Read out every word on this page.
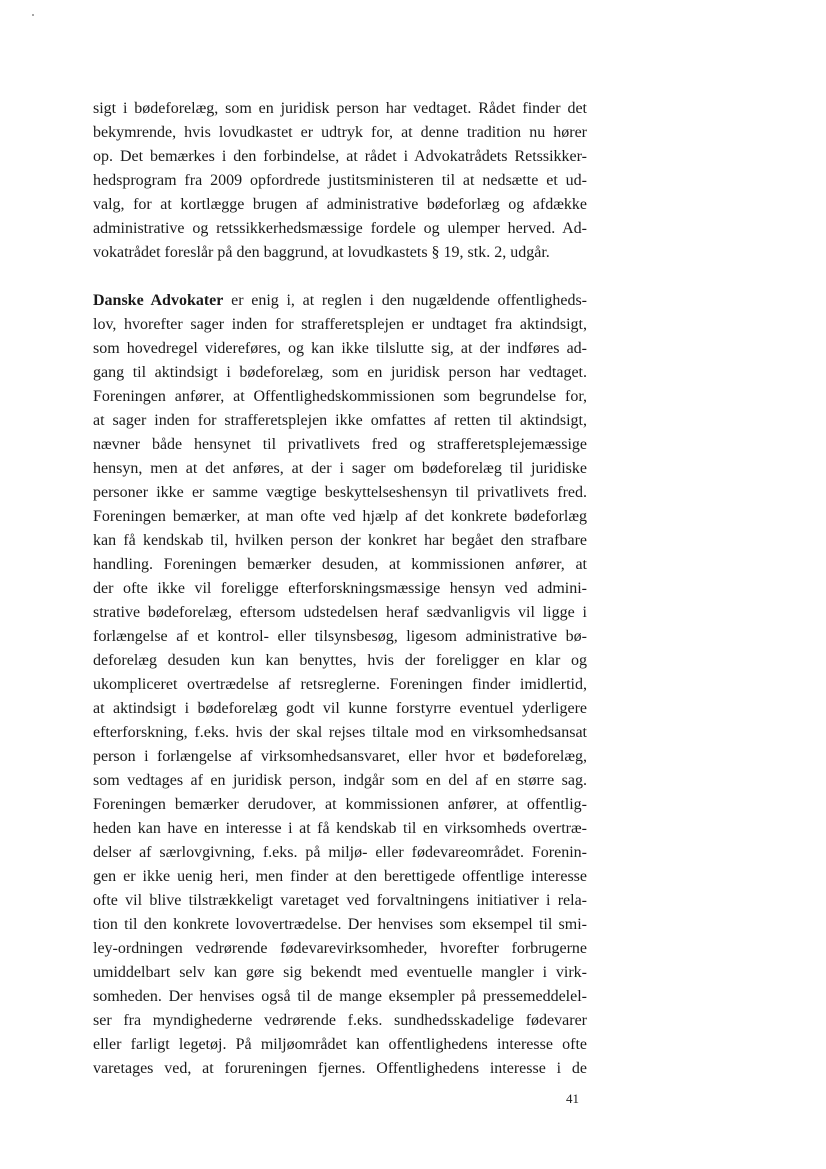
sigt i bødeforelæg, som en juridisk person har vedtaget. Rådet finder det
bekymrende, hvis lovudkastet er udtryk for, at denne tradition nu hører
op. Det bemærkes i den forbindelse, at rådet i Advokatrådets Retssikker-
hedsprogram fra 2009 opfordrede justitsministeren til at nedsætte et ud-
valg, for at kortlægge brugen af administrative bødeforlæg og afdække
administrative og retssikkerhedsmæssige fordele og ulemper herved. Ad-
vokatrådet foreslår på den baggrund, at lovudkastets § 19, stk. 2, udgår.
Danske Advokater er enig i, at reglen i den nugældende offentligheds-
lov, hvorefter sager inden for strafferetsplejen er undtaget fra aktindsigt,
som hovedregel videreføres, og kan ikke tilslutte sig, at der indføres ad-
gang til aktindsigt i bødeforelæg, som en juridisk person har vedtaget.
Foreningen anfører, at Offentlighedskommissionen som begrundelse for,
at sager inden for strafferetsplejen ikke omfattes af retten til aktindsigt,
nævner både hensynet til privatlivets fred og strafferetsplejemæssige
hensyn, men at det anføres, at der i sager om bødeforelæg til juridiske
personer ikke er samme vægtige beskyttelseshensyn til privatlivets fred.
Foreningen bemærker, at man ofte ved hjælp af det konkrete bødeforlæg
kan få kendskab til, hvilken person der konkret har begået den strafbare
handling. Foreningen bemærker desuden, at kommissionen anfører, at
der ofte ikke vil foreligge efterforskningsmæssige hensyn ved admini-
strative bødeforelæg, eftersom udstedelsen heraf sædvanligvis vil ligge i
forlængelse af et kontrol- eller tilsynsbesøg, ligesom administrative bø-
deforelæg desuden kun kan benyttes, hvis der foreligger en klar og
ukompliceret overtrædelse af retsreglerne. Foreningen finder imidlertid,
at aktindsigt i bødeforelæg godt vil kunne forstyrre eventuel yderligere
efterforskning, f.eks. hvis der skal rejses tiltale mod en virksomhedsansat
person i forlængelse af virksomhedsansvaret, eller hvor et bødeforelæg,
som vedtages af en juridisk person, indgår som en del af en større sag.
Foreningen bemærker derudover, at kommissionen anfører, at offentlig-
heden kan have en interesse i at få kendskab til en virksomheds overtræ-
delser af særlovgivning, f.eks. på miljø- eller fødevareområdet. Forenin-
gen er ikke uenig heri, men finder at den berettigede offentlige interesse
ofte vil blive tilstrækkeligt varetaget ved forvaltningens initiativer i rela-
tion til den konkrete lovovertrædelse. Der henvises som eksempel til smi-
ley-ordningen vedrørende fødevarevirksomheder, hvorefter forbrugerne
umiddelbart selv kan gøre sig bekendt med eventuelle mangler i virk-
somheden. Der henvises også til de mange eksempler på pressemeddelel-
ser fra myndighederne vedrørende f.eks. sundhedsskadelige fødevarer
eller farligt legetøj. På miljøområdet kan offentlighedens interesse ofte
varetages ved, at forureningen fjernes. Offentlighedens interesse i de
41
